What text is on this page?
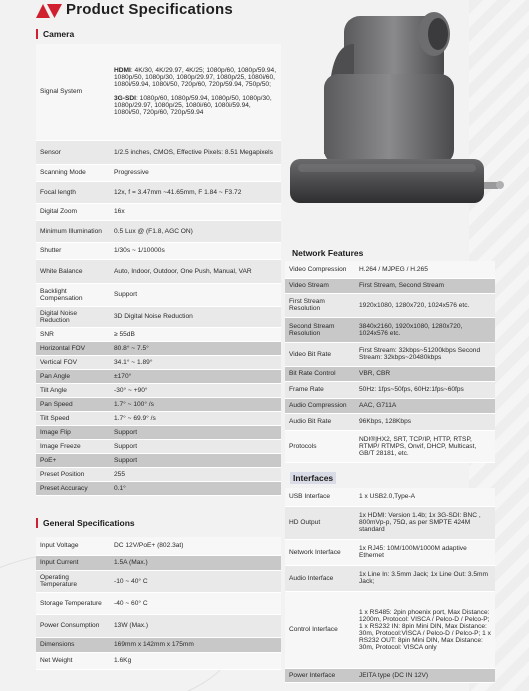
Product Specifications
Camera
Signal System	HDMI: 4K/30, 4K/29.97, 4K/25; 1080p/60, 1080p/59.94, 1080p/50, 1080p/30, 1080p/29.97, 1080p/25, 1080i/60, 1080i/59.94, 1080i/50, 720p/60, 720p/59.94, 750p/50;

3G-SDI: 1080p/60, 1080p/59.94, 1080p/50, 1080p/30, 1080p/29.97, 1080p/25, 1080i/60, 1080i/59.94, 1080i/50, 720p/60, 720p/59.94
Sensor	1/2.5 inches, CMOS, Effective Pixels: 8.51 Megapixels
Scanning Mode	Progressive
Focal length	12x, f = 3.47mm ~41.65mm, F 1.84 ~ F3.72
Digital Zoom	16x
Minimum Illumination	0.5 Lux @ (F1.8, AGC ON)
Shutter	1/30s ~ 1/10000s
White Balance	Auto, Indoor, Outdoor, One Push, Manual, VAR
Backlight Compensation	Support
Digital Noise Reduction	3D Digital Noise Reduction
SNR	≥ 55dB
Horizontal FOV	80.8° ~ 7.5°
Vertical FOV	34.1° ~ 1.89°
Pan Angle	±170°
Tilt Angle	-30° ~ +90°
Pan Speed	1.7° ~ 100° /s
Tilt Speed	1.7° ~ 69.9° /s
Image Flip	Support
Image Freeze	Support
PoE+	Support
Preset Position	255
Preset Accuracy	0.1°
General Specifications
Input Voltage	DC 12V/PoE+ (802.3at)
Input Current	1.5A (Max.)
Operating Temperature	-10 ~ 40° C
Storage Temperature	-40 ~ 60° C
Power Consumption	13W (Max.)
Dimensions	169mm x 142mm x 175mm
Net Weight	1.6Kg
Network Features
Video Compression	H.264 / MJPEG / H.265
Video Stream	First Stream, Second Stream
First Stream Resolution	1920x1080, 1280x720, 1024x576 etc.
Second Stream Resolution	3840x2160, 1920x1080, 1280x720, 1024x576 etc.
Video Bit Rate	First Stream: 32kbps~51200kbps Second Stream: 32kbps~20480kbps
Bit Rate Control	VBR, CBR
Frame Rate	50Hz: 1fps~50fps, 60Hz:1fps~60fps
Audio Compression	AAC, G711A
Audio Bit Rate	96Kbps, 128Kbps
Protocols	NDI®|HX2, SRT, TCP/IP, HTTP, RTSP, RTMP/ RTMPS, Onvif, DHCP, Multicast, GB/T 28181, etc.
Interfaces
USB Interface	1 x USB2.0,Type-A
HD Output	1x HDMI: Version 1.4b; 1x 3G-SDI: BNC , 800mVp-p, 75Ω, as per SMPTE 424M standard
Network Interface	1x RJ45: 10M/100M/1000M adaptive Ethernet
Audio Interface	1x Line In: 3.5mm Jack; 1x Line Out: 3.5mm Jack;
Control Interface	1 x RS485: 2pin phoenix port, Max Distance: 1200m, Protocol: VISCA / Pelco-D / Pelco-P; 1 x RS232 IN: 8pin Mini DIN, Max Distance: 30m, Protocol:VISCA / Pelco-D / Pelco-P; 1 x RS232 OUT: 8pin Mini DIN, Max Distance: 30m, Protocol: VISCA only
Power Interface	JEITA type (DC IN 12V)
